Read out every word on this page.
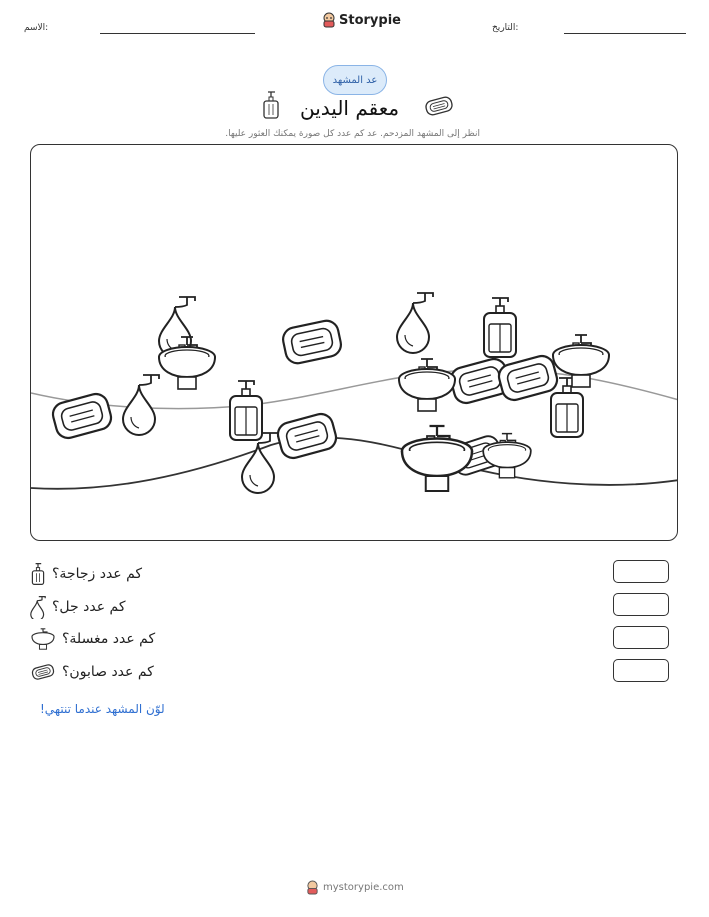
الاسم:
Storypie
التاريخ:
عد المشهد
معقم اليدين
انظر إلى المشهد المزدحم. عد كم عدد كل صورة يمكنك العثور عليها.
كم عدد زجاجة؟
كم عدد جل؟
كم عدد مغسلة؟
كم عدد صابون؟
لوّن المشهد عندما تنتهي!
mystorypie.com
